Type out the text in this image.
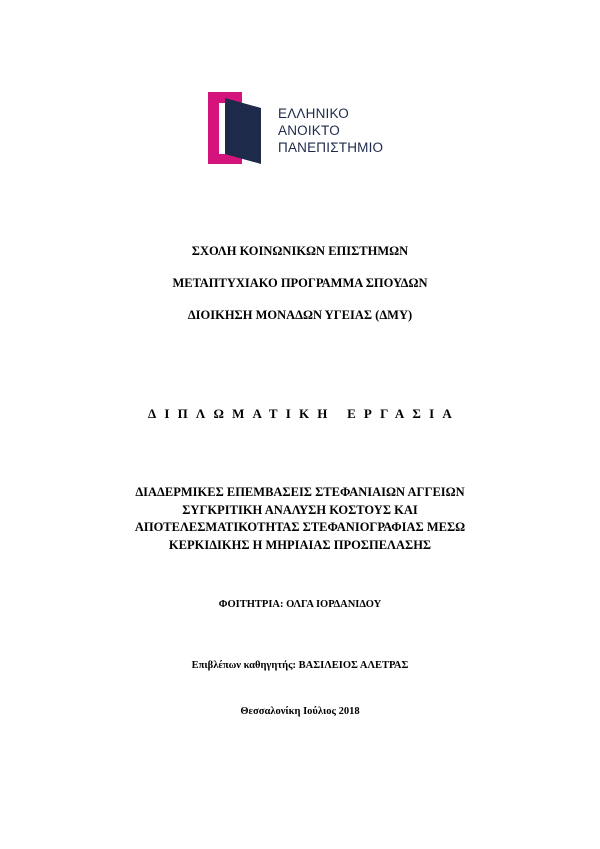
ΕΛΛΗΝΙΚΟ
ΑΝΟΙΚΤΟ
ΠΑΝΕΠΙΣΤΗΜΙΟ
ΣΧΟΛΗ ΚΟΙΝΩΝΙΚΩΝ ΕΠΙΣΤΗΜΩΝ
ΜΕΤΑΠΤΥΧΙΑΚΟ ΠΡΟΓΡΑΜΜΑ ΣΠΟΥΔΩΝ
ΔΙΟΙΚΗΣΗ ΜΟΝΑΔΩΝ ΥΓΕΙΑΣ (ΔΜΥ)
ΔΙΠΛΩΜΑΤΙΚΗ ΕΡΓΑΣΙΑ
ΔΙΑΔΕΡΜΙΚΕΣ ΕΠΕΜΒΑΣΕΙΣ ΣΤΕΦΑΝΙΑΙΩΝ ΑΓΓΕΙΩΝ
ΣΥΓΚΡΙΤΙΚΗ ΑΝΑΛΥΣΗ ΚΟΣΤΟΥΣ ΚΑΙ
ΑΠΟΤΕΛΕΣΜΑΤΙΚΟΤΗΤΑΣ ΣΤΕΦΑΝΙΟΓΡΑΦΙΑΣ ΜΕΣΩ
ΚΕΡΚΙΔΙΚΗΣ Η ΜΗΡΙΑΙΑΣ ΠΡΟΣΠΕΛΑΣΗΣ
ΦΟΙΤΗΤΡΙΑ: ΟΛΓΑ ΙΟΡΔΑΝΙΔΟΥ
Επιβλέπων καθηγητής: ΒΑΣΙΛΕΙΟΣ ΑΛΕΤΡΑΣ
Θεσσαλονίκη Ιούλιος 2018
